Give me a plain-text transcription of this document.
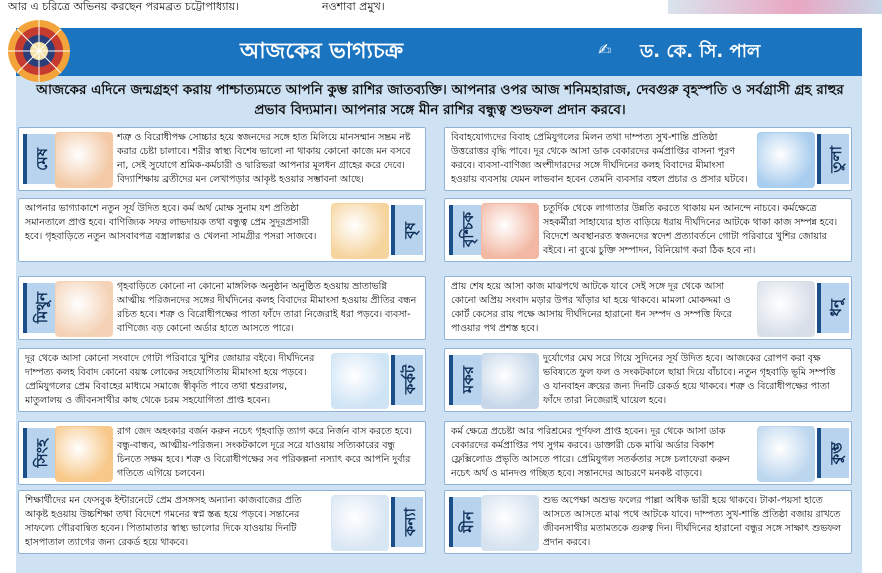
আর এ চরিত্রে অভিনয় করছেন পরমব্রত চট্টোপাধ্যায়।	নওশাবা প্রমুখ।
আজকের ভাগ্যচক্র	✍ ড. কে. সি. পাল
আজকের এদিনে জন্মগ্রহণ করায় পাশ্চাত্যমতে আপনি কুম্ভ রাশির জাতব্যক্তি। আপনার ওপর আজ শনিমহারাজ, দেবগুরু বৃহস্পতি ও সর্বগ্রাসী গ্রহ রাহুর প্রভাব বিদ্যমান। আপনার সঙ্গে মীন রাশির বন্ধুত্ব শুভফল প্রদান করবে।
মেষ
শত্রু ও বিরোধীপক্ষ সোচ্চার হয়ে স্বজনদের সঙ্গে হাত মিলিয়ে মানসম্মান সম্ভ্রম নষ্ট করার চেষ্টা চালাবে। শরীর স্বাস্থ্য বিশেষ ভালো না থাকায় কোনো কাজে মন বসবে না, সেই সুযোগে শ্রমিক-কর্মচারী ও দ্বারিভরা আপনার মূলধন গ্রাহের করে দেবে। বিদ্যাশিক্ষায় ব্রতীদের মন লেখাপড়ার আকৃষ্ট হওয়ার সম্ভাবনা আছে।
তুলা
বিবাহযোগ্যদের বিবাহ প্রেমিযুগলের মিলন তথা দাম্পত্য সুখ-শান্তি প্রতিষ্ঠা উত্তরোত্তর বৃদ্ধি পাবে। দূর থেকে আসা ডাক বেকারদের কর্মপ্রাপ্তির বাসনা পূরণ করবে। ব্যবসা-বাণিজ্য অংশীদারদের সঙ্গে দীর্ঘদিনের কলহ বিবাদের মীমাংসা হওয়ায় ব্যবসায় যেমন লাভবান হবেন তেমনি ব্যবসার বহুল প্রচার ও প্রসার ঘটবে।
বৃষ
আপনার ভাগ্যাকাশে নতুন সূর্য উদিত হবে। কর্ম অর্থ মোক্ষ সুনাম যশ প্রতিষ্ঠা সমানতালে প্রাপ্ত হবে। বাণিজ্যিক সফর লাভদায়ক তথা বন্ধুত্ব প্রেম সুদূরপ্রসারী হবে। গৃহবাড়িতে নতুন আসবাবপত্র বস্ত্রালঙ্কার ও খেলনা সামগ্রীর পসরা সাজবে।	বৃশ্চিক
চতুর্দিক থেকে লাগাতার উন্নতি করতে থাকায় মন আনন্দে নাচবে। কর্মক্ষেত্রে সহকর্মীরা সাহায্যের হাত বাড়িয়ে ধরায় দীর্ঘদিনের আটকে থাকা কাজ সম্পন্ন হবে। বিদেশে অবস্থানরত স্বজনদের স্বদেশ প্রত্যাবর্তনে গোটা পরিবারে খুশির জোয়ার বইবে। না বুঝে চুক্তি সম্পাদন, বিনিয়োগ করা ঠিক হবে না।
মিথুন
গৃহবাড়িতে কোনো না কোনো মাঙ্গলিক অনুষ্ঠান অনুষ্ঠিত হওয়ায় ভ্রাতাভগ্নি আত্মীয় পরিজনদের সঙ্গের দীর্ঘদিনের কলহ বিবাদের মীমাংসা হওয়ায় প্রীতির বন্ধন রচিত হবে। শত্রু ও বিরোধীপক্ষের পাতা ফাঁদে তারা নিজেরাই ধরা পড়বে। ব্যবসা-বাণিজ্যে বড় কোনো অর্ডার হাতে আসতে পারে।
ধনু
প্রায় শেষ হয়ে আসা কাজ মাঝপথে আটকে যাবে সেই সঙ্গে দূর থেকে আসা কোনো অপ্রিয় সংবাদ মড়ার উপর খাঁড়ার ঘা হয়ে থাকবে। মামলা মোকদ্দমা ও কোর্ট কেসের রায় পক্ষে আসায় দীর্ঘদিনের হারানো ধন সম্পদ ও সম্পত্তি ফিরে পাওয়ার পথ প্রশস্ত হবে।
কর্কট
দূর থেকে আসা কোনো সংবাদে গোটা পরিবারে খুশির জোয়ার বইবে। দীর্ঘদিনের দাম্পত্য কলহ বিবাদ কোনো বয়স্ক লোকের সহযোগিতায় মীমাংসা হয়ে পড়বে। প্রেমিযুগলের প্রেম বিবাহের মাধ্যমে সমাজে স্বীকৃতি পাবে তথা শ্বশুরালয়, মাতুলালয় ও জীবনসাথীর কাছ থেকে চরম সহযোগিতা প্রাপ্ত হবেন।
মকর
দুর্যোগের মেঘ সরে গিয়ে সুদিনের সূর্য উদিত হবে। আজকের রোপণ করা বৃক্ষ ভবিষ্যতে ফুল ফল ও সংকটকালে ছায়া দিয়ে বাঁচাবে। নতুন গৃহবাড়ি ভূমি সম্পত্তি ও যানবাহন ক্রয়ের জন্য দিনটি রেকর্ড হয়ে থাকবে। শত্রু ও বিরোধীপক্ষের পাতা ফাঁদে তারা নিজেরাই ঘায়েল হবে।
সিংহ
রাগ জেদ অহংকার বর্জন করুন নচেৎ গৃহবাড়ি ত্যাগ করে নির্জন বাস করতে হবে। বন্ধু-বান্ধব, আত্মীয়-পরিজন। সংকটকালে দূরে সরে যাওয়ায় সত্যিকারের বন্ধু চিনতে সক্ষম হবে। শত্রু ও বিরোধীপক্ষের সব পরিকল্পনা নস্যাৎ করে আপনি দুর্বার গতিতে এগিয়ে চলবেন।
কুম্ভ
কর্ম ক্ষেত্রে প্রচেষ্টা আর পরিশ্রমের পূর্ণফল প্রাপ্ত হবেন। দূর থেকে আসা ডাক বেকারদের কর্মপ্রাপ্তির পথ সুগম করবে। ডাক্তারী চেক মাঝি অর্ডার বিকাশ ফ্লেক্সিলোড প্রভৃতি আসতে পারে। প্রেমিযুগল সতর্কতার সঙ্গে চলাফেরা করুন নচেৎ অর্থ ও মানদণ্ড গচ্ছিত হবে। সন্তানদের আচরণে মনকষ্ট বাড়বে।
কন্যা
শিক্ষার্থীদের মন ফেসবুক ইন্টারনেটে প্রেম প্রসঙ্গসহ অন্যান্য কাজবাজের প্রতি আকৃষ্ট হওয়ায় উচ্চশিক্ষা তথা বিদেশে গমনের স্বপ্ন স্তব্ধ হয়ে পড়বে। সন্তানের সাফল্যে গৌরবান্বিত হবেন। পিতামাতার স্বাস্থ্য ভালোর দিকে যাওয়ায় দিনটি হাসপাতাল ত্যাগের জন্য রেকর্ড হয়ে থাকবে।
মীন
শুভ অপেক্ষা অশুভ ফলের পাল্লা অধিক ভারী হয়ে থাকবে। টাকা-পয়সা হাতে আসতে আসতে মাঝ পথে আটকে যাবে। দাম্পত্য সুখ-শান্তি প্রতিষ্ঠা বজায় রাখতে জীবনসাথীর মতামতকে গুরুত্ব দিন। দীর্ঘদিনের হারানো বন্ধুর সঙ্গে সাক্ষাৎ শুভফল প্রদান করবে।
